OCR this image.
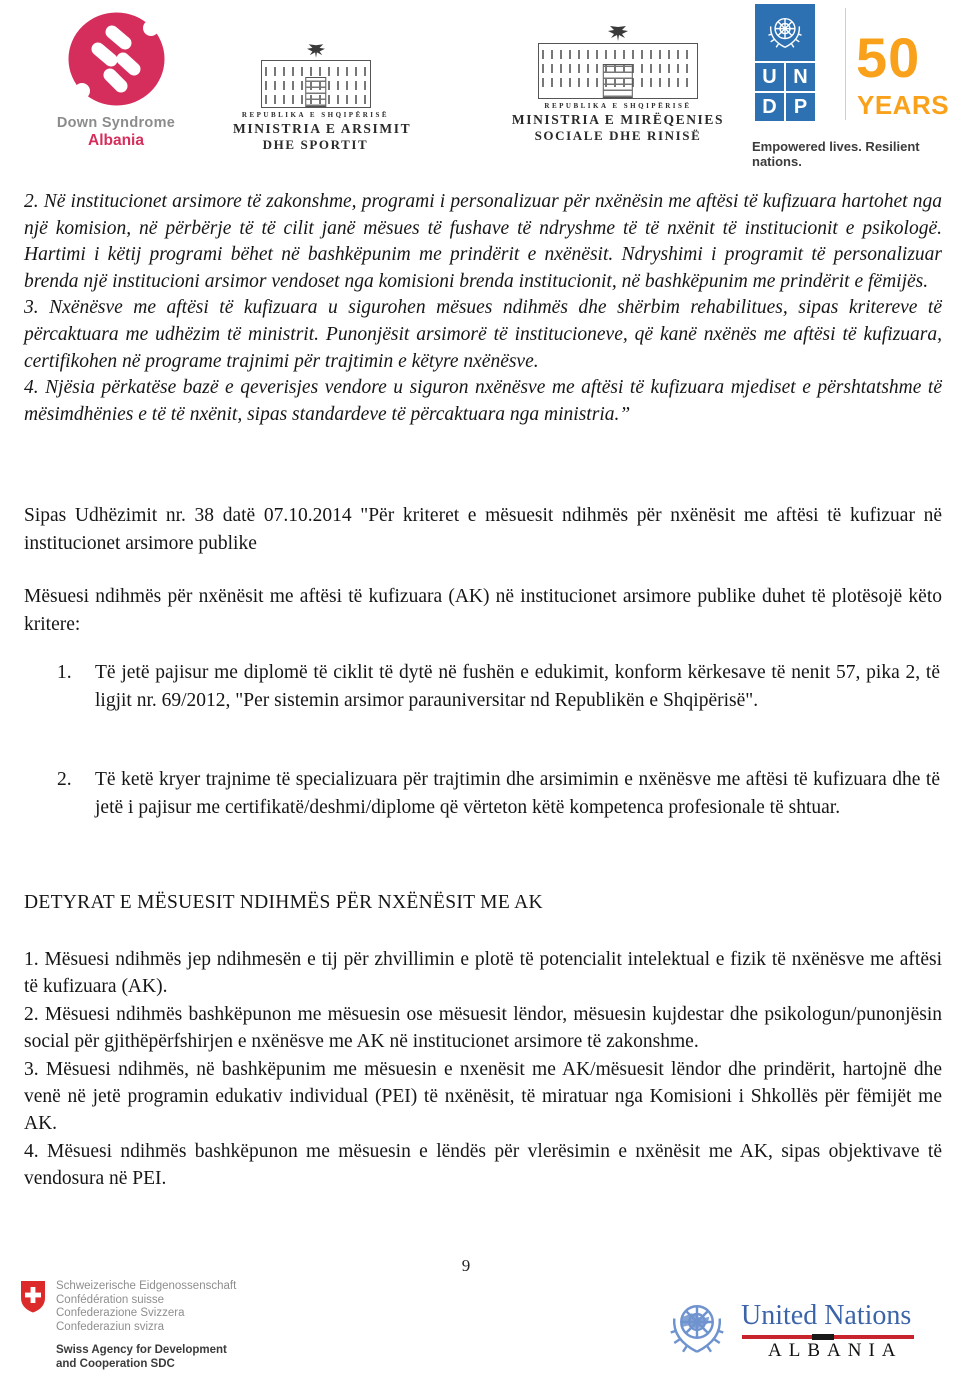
Down Syndrome
Albania
REPUBLIKA E SHQIPËRISË
MINISTRIA E ARSIMIT
DHE SPORTIT
REPUBLIKA E SHQIPËRISË
MINISTRIA E MIRËQENIES
SOCIALE DHE RINISË
U N
D P
50
YEARS
Empowered lives. Resilient nations.

2. Në institucionet arsimore të zakonshme, programi i personalizuar për nxënësin me aftësi të kufizuara hartohet nga një komision, në përbërje të të cilit janë mësues të fushave të ndryshme të të nxënit të institucionit e psikologë. Hartimi i këtij programi bëhet në bashkëpunim me prindërit e nxënësit. Ndryshimi i programit të personalizuar brenda një institucioni arsimor vendoset nga komisioni brenda institucionit, në bashkëpunim me prindërit e fëmijës.

3. Nxënësve me aftësi të kufizuara u sigurohen mësues ndihmës dhe shërbim rehabilitues, sipas kritereve të përcaktuara me udhëzim të ministrit. Punonjësit arsimorë të institucioneve, që kanë nxënës me aftësi të kufizuara, certifikohen në programe trajnimi për trajtimin e këtyre nxënësve.

4. Njësia përkatëse bazë e qeverisjes vendore u siguron nxënësve me aftësi të kufizuara mjediset e përshtatshme të mësimdhënies e të të nxënit, sipas standardeve të përcaktuara nga ministria.”

Sipas Udhëzimit nr. 38 datë 07.10.2014 "Për kriteret e mësuesit ndihmës për nxënësit me aftësi të kufizuar në institucionet arsimore publike
Mësuesi ndihmës për nxënësit me aftësi të kufizuara (AK) në institucionet arsimore publike duhet të plotësojë këto kritere:
1. Të jetë pajisur me diplomë të ciklit të dytë në fushën e edukimit, konform kërkesave të nenit 57, pika 2, të ligjit nr. 69/2012, "Per sistemin arsimor parauniversitar nd Republikën e Shqipërisë".
2. Të ketë kryer trajnime të specializuara për trajtimin dhe arsimimin e nxënësve me aftësi të kufizuara dhe të jetë i pajisur me certifikatë/deshmi/diplome që vërteton këtë kompetenca profesionale të shtuar.
DETYRAT E MËSUESIT NDIHMËS PËR NXËNËSIT ME AK

1. Mësuesi ndihmës jep ndihmesën e tij për zhvillimin e plotë të potencialit intelektual e fizik të nxënësve me aftësi të kufizuara (AK).

2. Mësuesi ndihmës bashkëpunon me mësuesin ose mësuesit lëndor, mësuesin kujdestar dhe psikologun/punonjësin social për gjithëpërfshirjen e nxënësve me AK në institucionet arsimore të zakonshme.

3. Mësuesi ndihmës, në bashkëpunim me mësuesin e nxenësit me AK/mësuesit lëndor dhe prindërit, hartojnë dhe venë në jetë programin edukativ individual (PEI) të nxënësit, të miratuar nga Komisioni i Shkollës për fëmijët me AK.

4. Mësuesi ndihmës bashkëpunon me mësuesin e lëndës për vlerësimin e nxënësit me AK, sipas objektivave të vendosura në PEI.

9
Schweizerische Eidgenossenschaft
Confédération suisse
Confederazione Svizzera
Confederaziun svizra
Swiss Agency for Development
and Cooperation SDC
United Nations
ALBANIA
